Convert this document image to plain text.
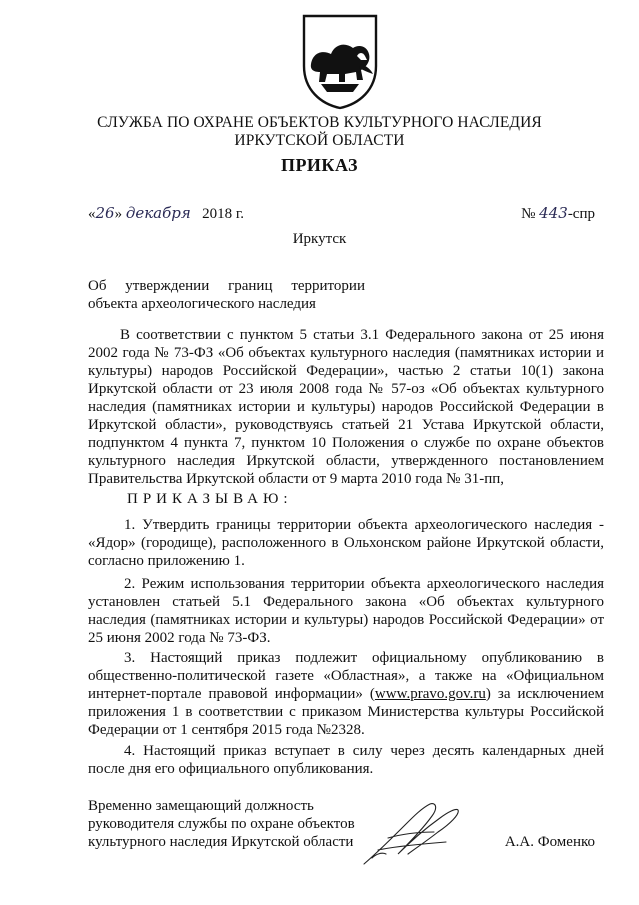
СЛУЖБА ПО ОХРАНЕ ОБЪЕКТОВ КУЛЬТУРНОГО НАСЛЕДИЯ
ИРКУТСКОЙ ОБЛАСТИ
ПРИКАЗ
«26» декабря 2018 г.	№ 443-спр
Иркутск
Об утверждении границ территории
объекта археологического наследия
В соответствии с пунктом 5 статьи 3.1 Федерального закона от 25 июня 2002 года № 73-ФЗ «Об объектах культурного наследия (памятниках истории и культуры) народов Российской Федерации», частью 2 статьи 10(1) закона Иркутской области от 23 июля 2008 года № 57-оз «Об объектах культурного наследия (памятниках истории и культуры) народов Российской Федерации в Иркутской области», руководствуясь статьей 21 Устава Иркутской области, подпунктом 4 пункта 7, пунктом 10 Положения о службе по охране объектов культурного наследия Иркутской области, утвержденного постановлением Правительства Иркутской области от 9 марта 2010 года № 31-пп,
ПРИКАЗЫВАЮ:
1. Утвердить границы территории объекта археологического наследия - «Ядор» (городище), расположенного в Ольхонском районе Иркутской области, согласно приложению 1.
2. Режим использования территории объекта археологического наследия установлен статьей 5.1 Федерального закона «Об объектах культурного наследия (памятниках истории и культуры) народов Российской Федерации» от 25 июня 2002 года № 73-ФЗ.
3. Настоящий приказ подлежит официальному опубликованию в общественно-политической газете «Областная», а также на «Официальном интернет-портале правовой информации» (www.pravo.gov.ru) за исключением приложения 1 в соответствии с приказом Министерства культуры Российской Федерации от 1 сентября 2015 года №2328.
4. Настоящий приказ вступает в силу через десять календарных дней после дня его официального опубликования.
Временно замещающий должность
руководителя службы по охране объектов
культурного наследия Иркутской области	А.А. Фоменко
